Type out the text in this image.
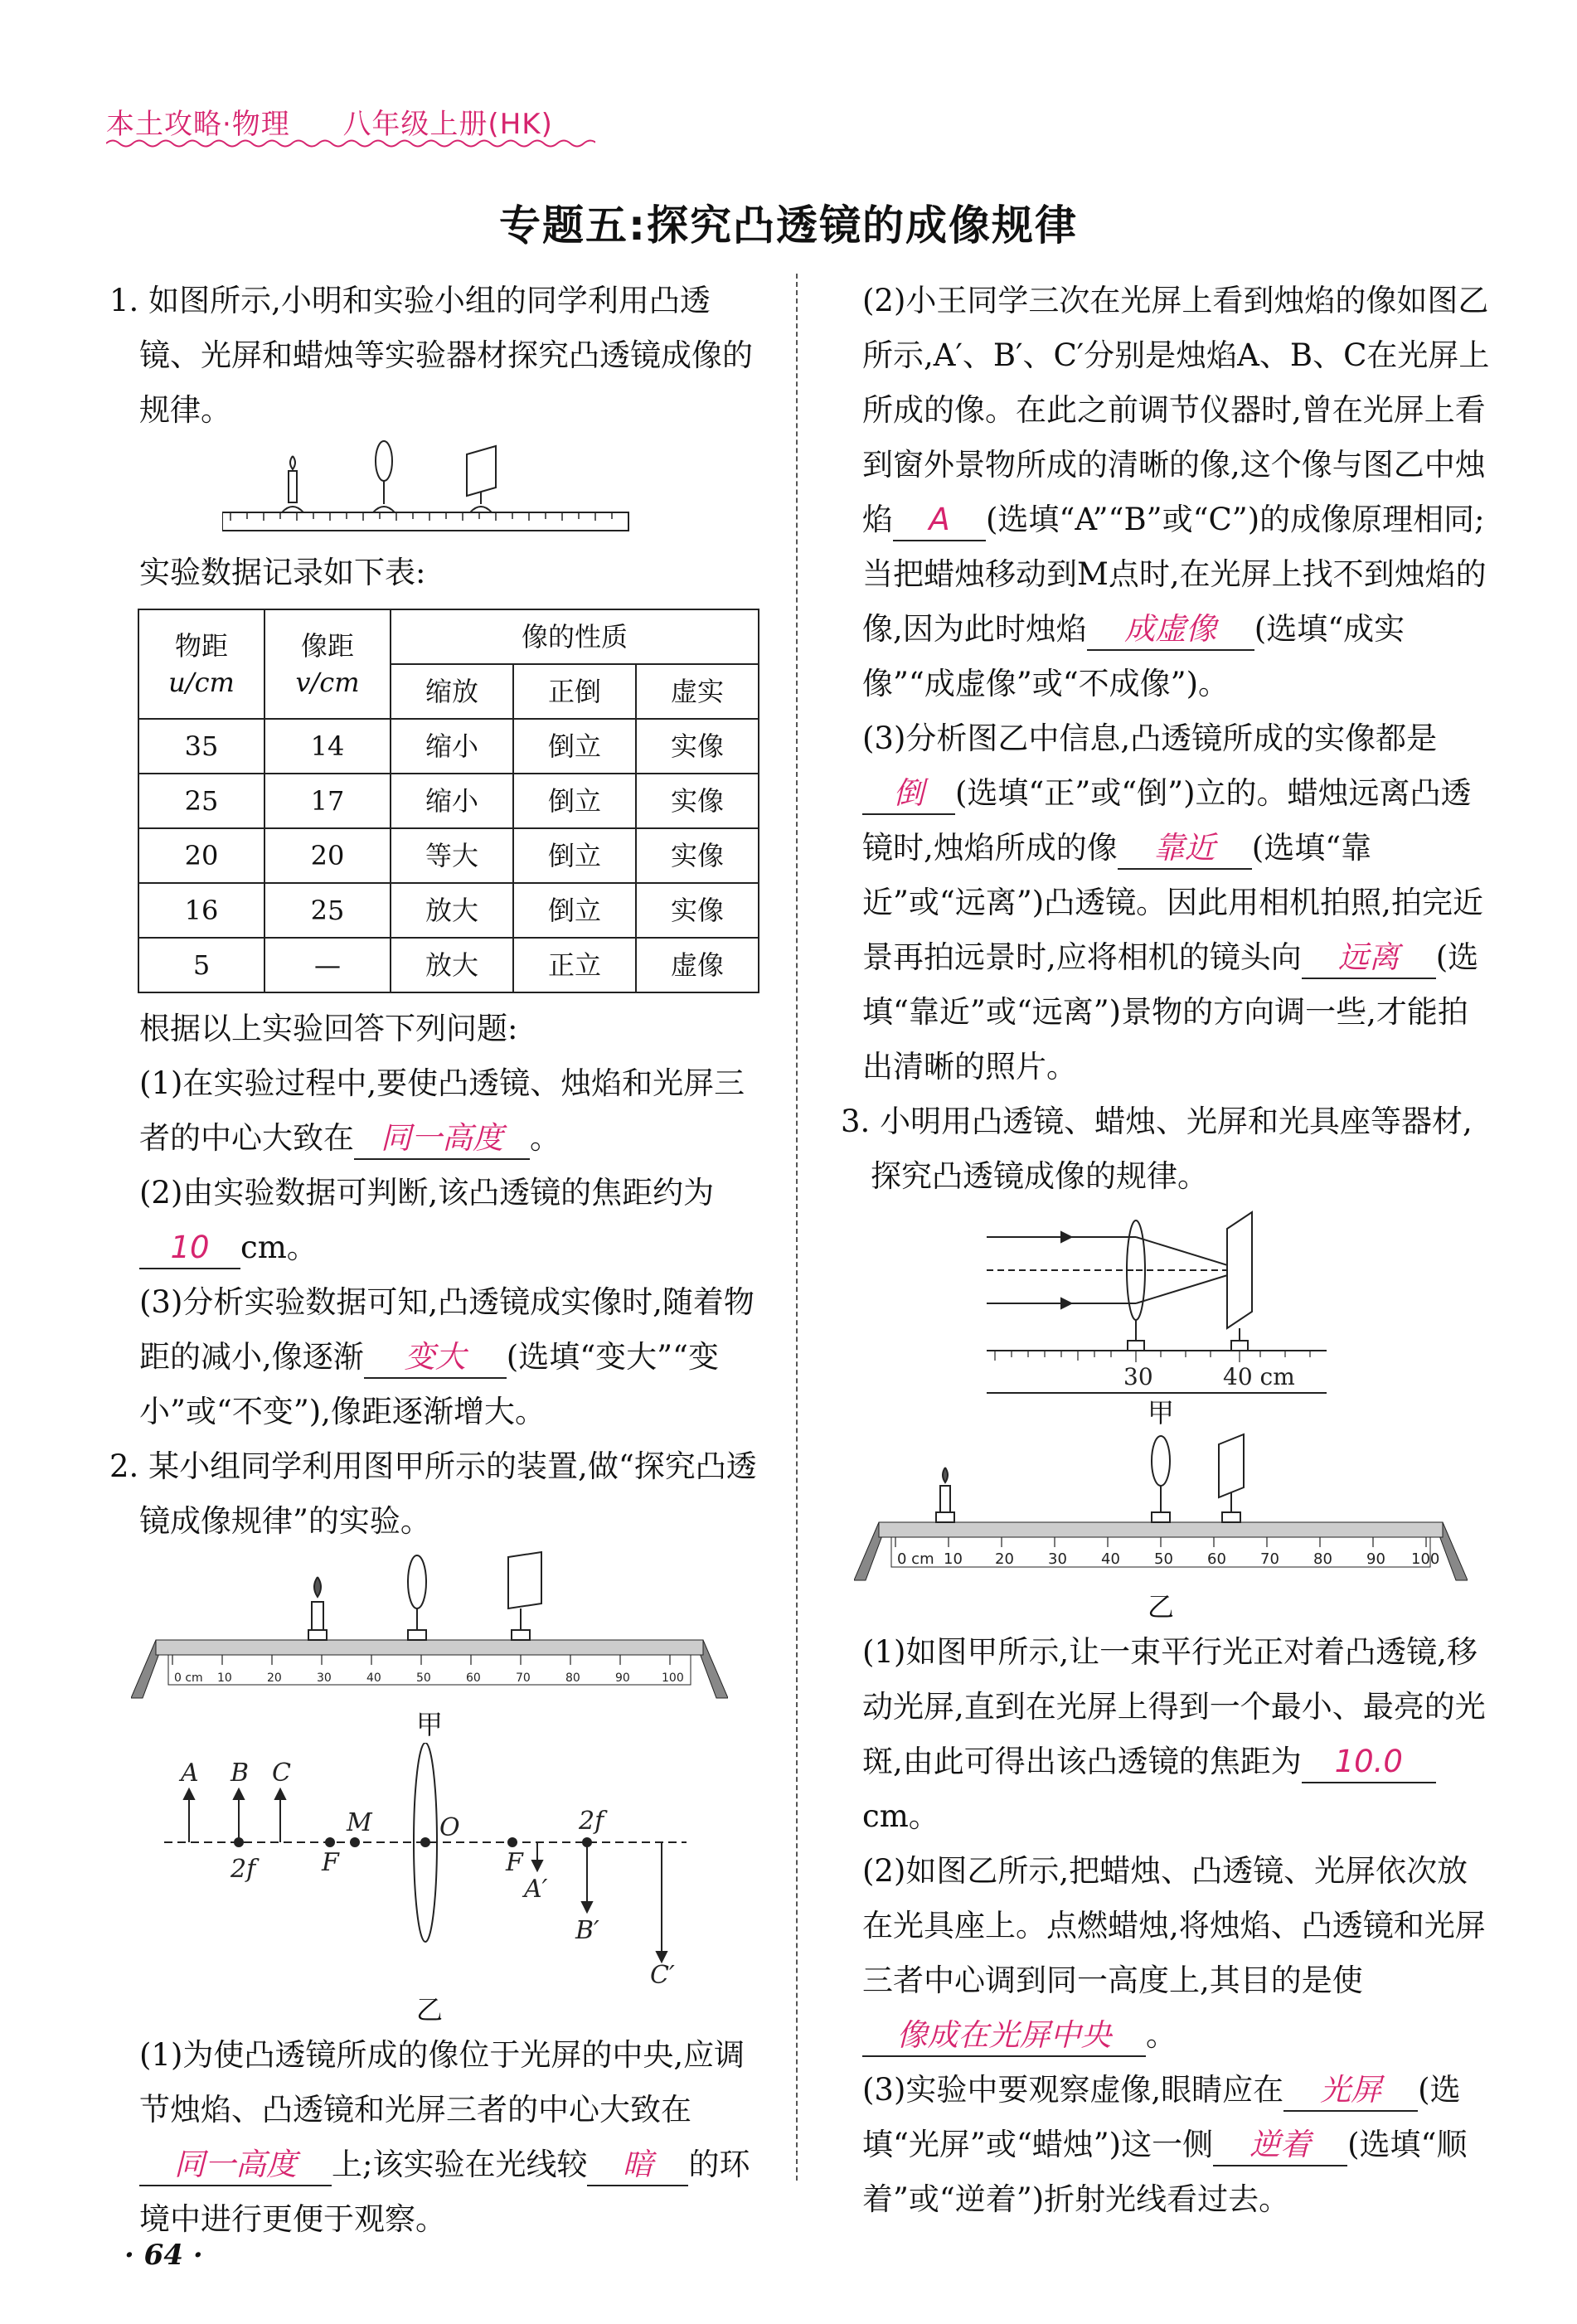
本土攻略·物理 八年级上册(HK)
专题五:探究凸透镜的成像规律

1. 如图所示,小明和实验小组的同学利用凸透镜、光屏和蜡烛等实验器材探究凸透镜成像的规律。

实验数据记录如下表:

物距
u/cm	像距
v/cm	像的性质		
		缩放	正倒	虚实
35	14	缩小	倒立	实像
25	17	缩小	倒立	实像
20	20	等大	倒立	实像
16	25	放大	倒立	实像
5	—	放大	正立	虚像

根据以上实验回答下列问题:

(1)在实验过程中,要使凸透镜、烛焰和光屏三者的中心大致在 同一高度 。

(2)由实验数据可判断,该凸透镜的焦距约为10 cm。

(3)分析实验数据可知,凸透镜成实像时,随着物距的减小,像逐渐 变大 (选填“变大”“变小”或“不变”),像距逐渐增大。

2. 某小组同学利用图甲所示的装置,做“探究凸透镜成像规律”的实验。

0 cm 10	20	30	40	50	60	70	80	90	100

甲

A B C
2f	F
M	O
F
2f
A′
B′
C′

乙

(1)为使凸透镜所成的像位于光屏的中央,应调节烛焰、凸透镜和光屏三者的中心大致在同一高度 上;该实验在光线较 暗 的环境中进行更便于观察。

(2)小王同学三次在光屏上看到烛焰的像如图乙所示,A′、B′、C′分别是烛焰A、B、C在光屏上所成的像。在此之前调节仪器时,曾在光屏上看到窗外景物所成的清晰的像,这个像与图乙中烛焰 A (选填“A”“B”或“C”)的成像原理相同;当把蜡烛移动到M点时,在光屏上找不到烛焰的像,因为此时烛焰 成虚像 (选填“成实像”“成虚像”或“不成像”)。

(3)分析图乙中信息,凸透镜所成的实像都是倒 (选填“正”或“倒”)立的。蜡烛远离凸透镜时,烛焰所成的像 靠近 (选填“靠近”或“远离”)凸透镜。因此用相机拍照,拍完近景再拍远景时,应将相机的镜头向 远离 (选填“靠近”或“远离”)景物的方向调一些,才能拍出清晰的照片。

3. 小明用凸透镜、蜡烛、光屏和光具座等器材,探究凸透镜成像的规律。

30	40 cm

甲

0 cm 10 20 30 40 50 60 70 80 90 100

乙

(1)如图甲所示,让一束平行光正对着凸透镜,移动光屏,直到在光屏上得到一个最小、最亮的光斑,由此可得出该凸透镜的焦距为 10.0cm。

(2)如图乙所示,把蜡烛、凸透镜、光屏依次放在光具座上。点燃蜡烛,将烛焰、凸透镜和光屏三者中心调到同一高度上,其目的是使像成在光屏中央 。

(3)实验中要观察虚像,眼睛应在 光屏 (选填“光屏”或“蜡烛”)这一侧 逆着 (选填“顺着”或“逆着”)折射光线看过去。

· 64 ·
